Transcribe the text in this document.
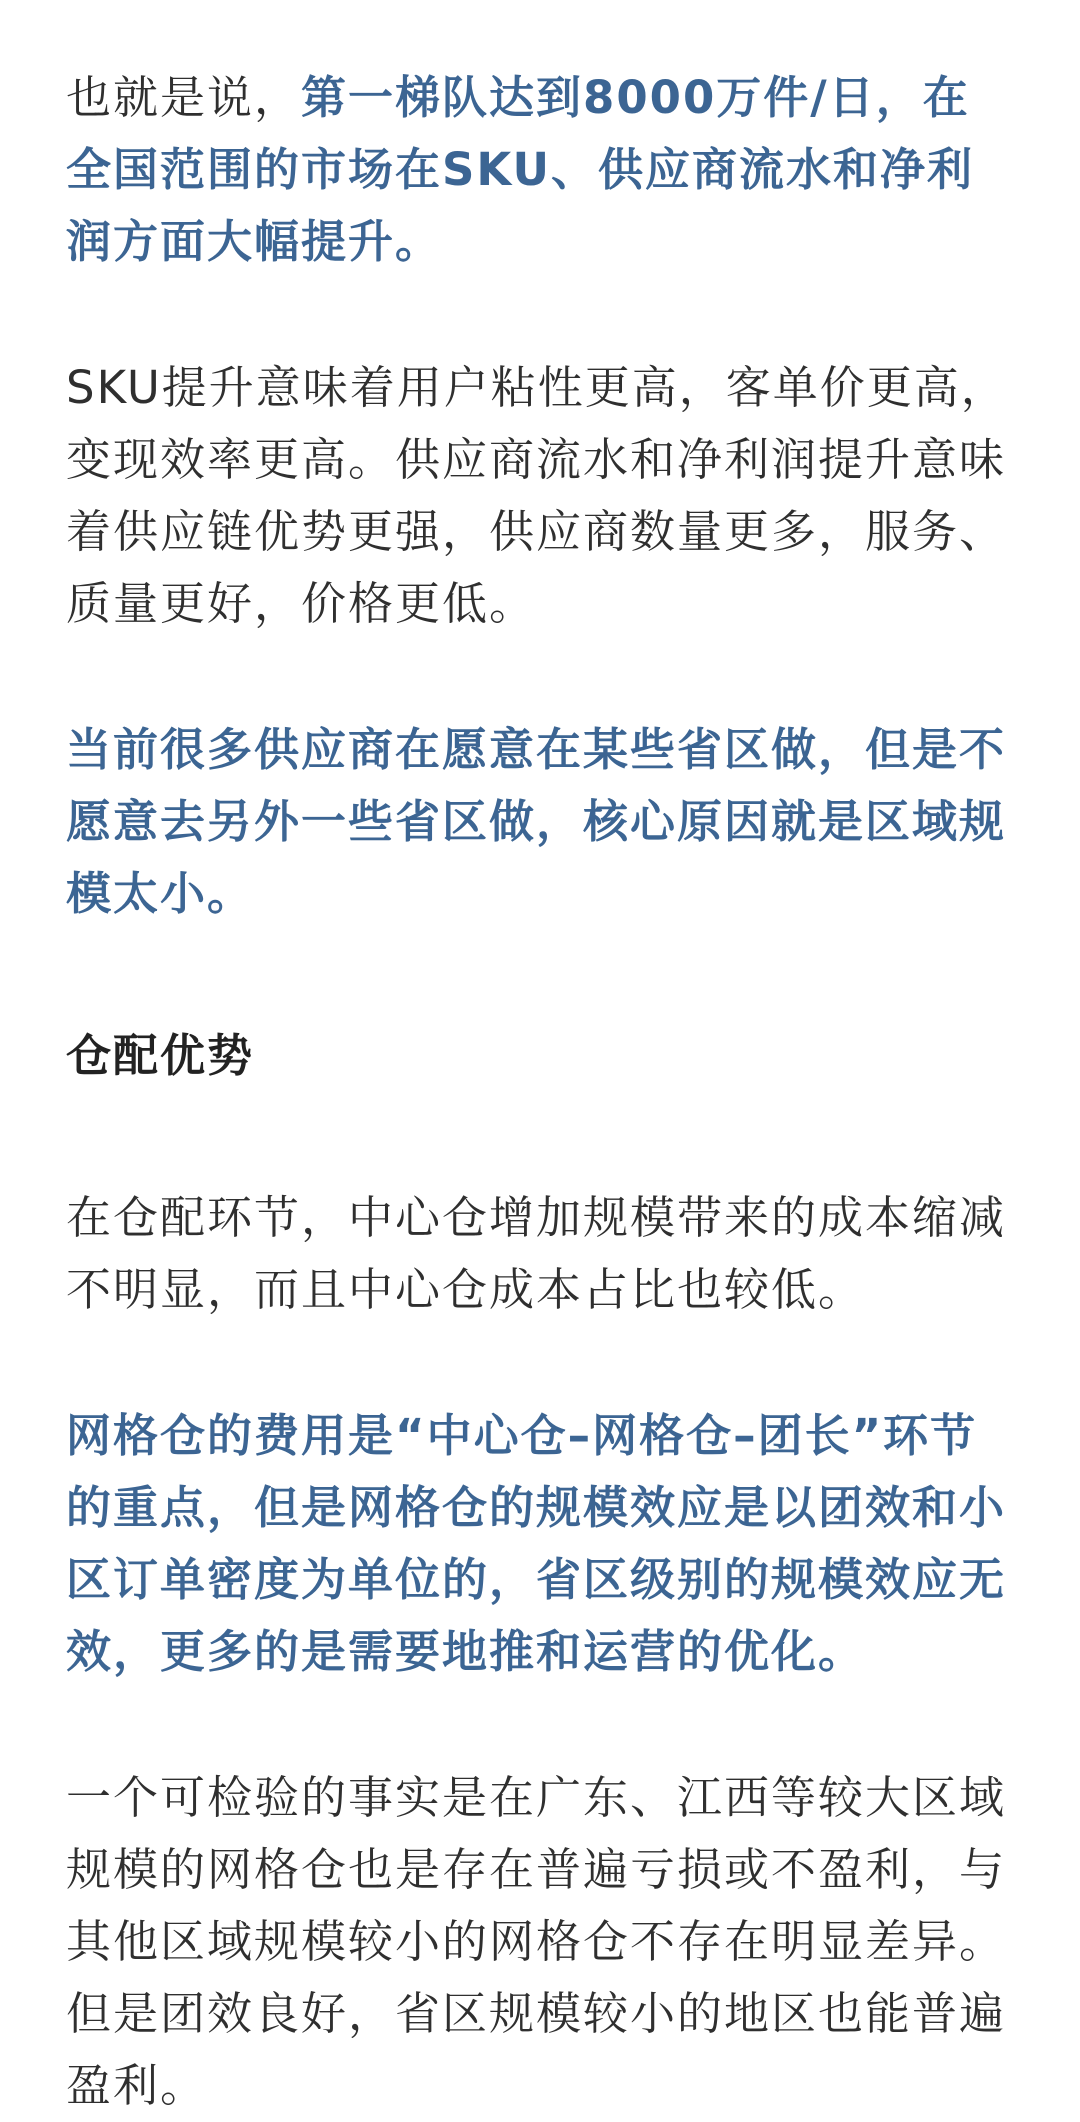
也就是说，第一梯队达到8000万件/日，在全国范围的市场在SKU、供应商流水和净利润方面大幅提升。

SKU提升意味着用户粘性更高，客单价更高，变现效率更高。供应商流水和净利润提升意味着供应链优势更强，供应商数量更多，服务、质量更好，价格更低。

当前很多供应商在愿意在某些省区做，但是不愿意去另外一些省区做，核心原因就是区域规模太小。

仓配优势

在仓配环节，中心仓增加规模带来的成本缩减不明显，而且中心仓成本占比也较低。

网格仓的费用是“中心仓–网格仓–团长”环节的重点，但是网格仓的规模效应是以团效和小区订单密度为单位的，省区级别的规模效应无效，更多的是需要地推和运营的优化。

一个可检验的事实是在广东、江西等较大区域规模的网格仓也是存在普遍亏损或不盈利，与其他区域规模较小的网格仓不存在明显差异。但是团效良好，省区规模较小的地区也能普遍盈利。
